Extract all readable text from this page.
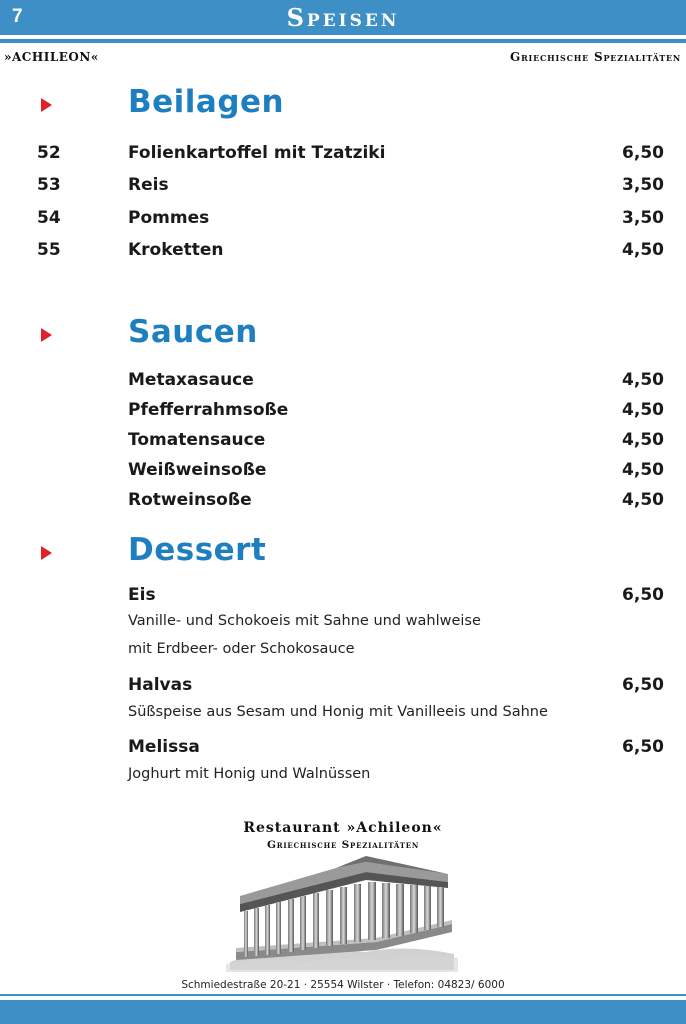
7	Speisen
»ACHILEON«	Griechische Spezialitäten
Beilagen
52	Folienkartoffel mit Tzatziki	6,50
53	Reis	3,50
54	Pommes	3,50
55	Kroketten	4,50
Saucen
Metaxasauce	4,50
Pfefferrahmsoße	4,50
Tomatensauce	4,50
Weißweinsoße	4,50
Rotweinsoße	4,50
Dessert
Eis	6,50
Vanille- und Schokoeis mit Sahne und wahlweise
mit Erdbeer- oder Schokosauce
Halvas	6,50
Süßspeise aus Sesam und Honig mit Vanilleeis und Sahne
Melissa	6,50
Joghurt mit Honig und Walnüssen
Restaurant »Achileon«
Griechische Spezialitäten
Schmiedestraße 20-21 · 25554 Wilster · Telefon: 04823/ 6000
